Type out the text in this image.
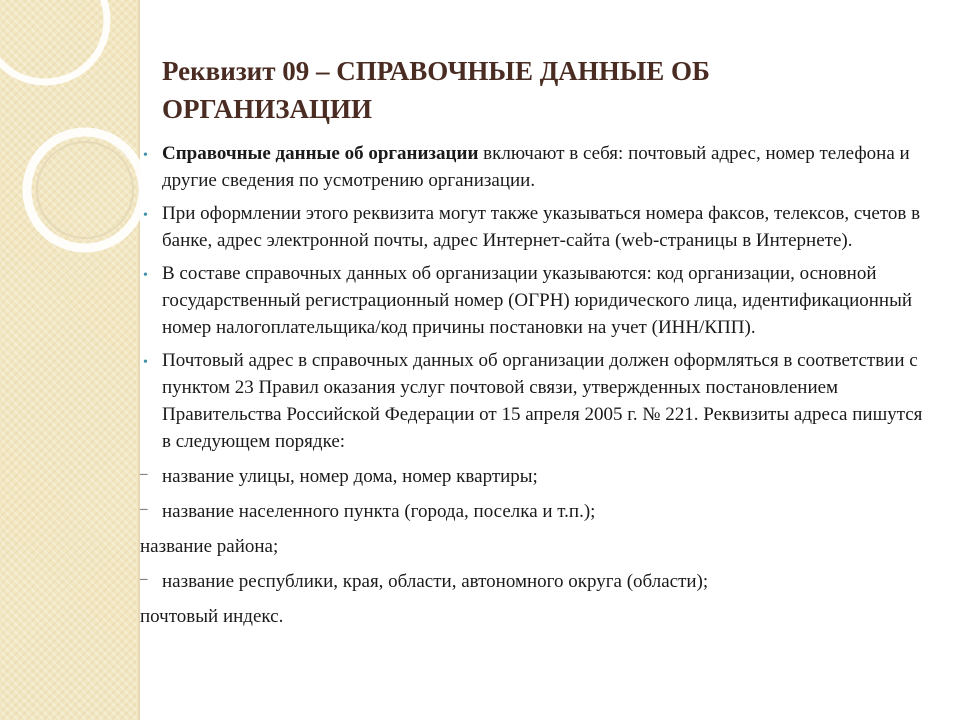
Реквизит 09 – СПРАВОЧНЫЕ ДАННЫЕ ОБ ОРГАНИЗАЦИИ
• Справочные данные об организации включают в себя: почтовый адрес, номер телефона и другие сведения по усмотрению организации.
• При оформлении этого реквизита могут также указываться номера факсов, телексов, счетов в банке, адрес электронной почты, адрес Интернет-сайта (web-страницы в Интернете).
• В составе справочных данных об организации указываются: код организации, основной государственный регистрационный номер (ОГРН) юридического лица, идентификационный номер налогоплательщика/код причины постановки на учет (ИНН/КПП).
• Почтовый адрес в справочных данных об организации должен оформляться в соответствии с пунктом 23 Правил оказания услуг почтовой связи, утвержденных постановлением Правительства Российской Федерации от 15 апреля 2005 г. № 221. Реквизиты адреса пишутся в следующем порядке:
– название улицы, номер дома, номер квартиры;
– название населенного пункта (города, поселка и т.п.);
название района;
– название республики, края, области, автономного округа (области);
почтовый индекс.
